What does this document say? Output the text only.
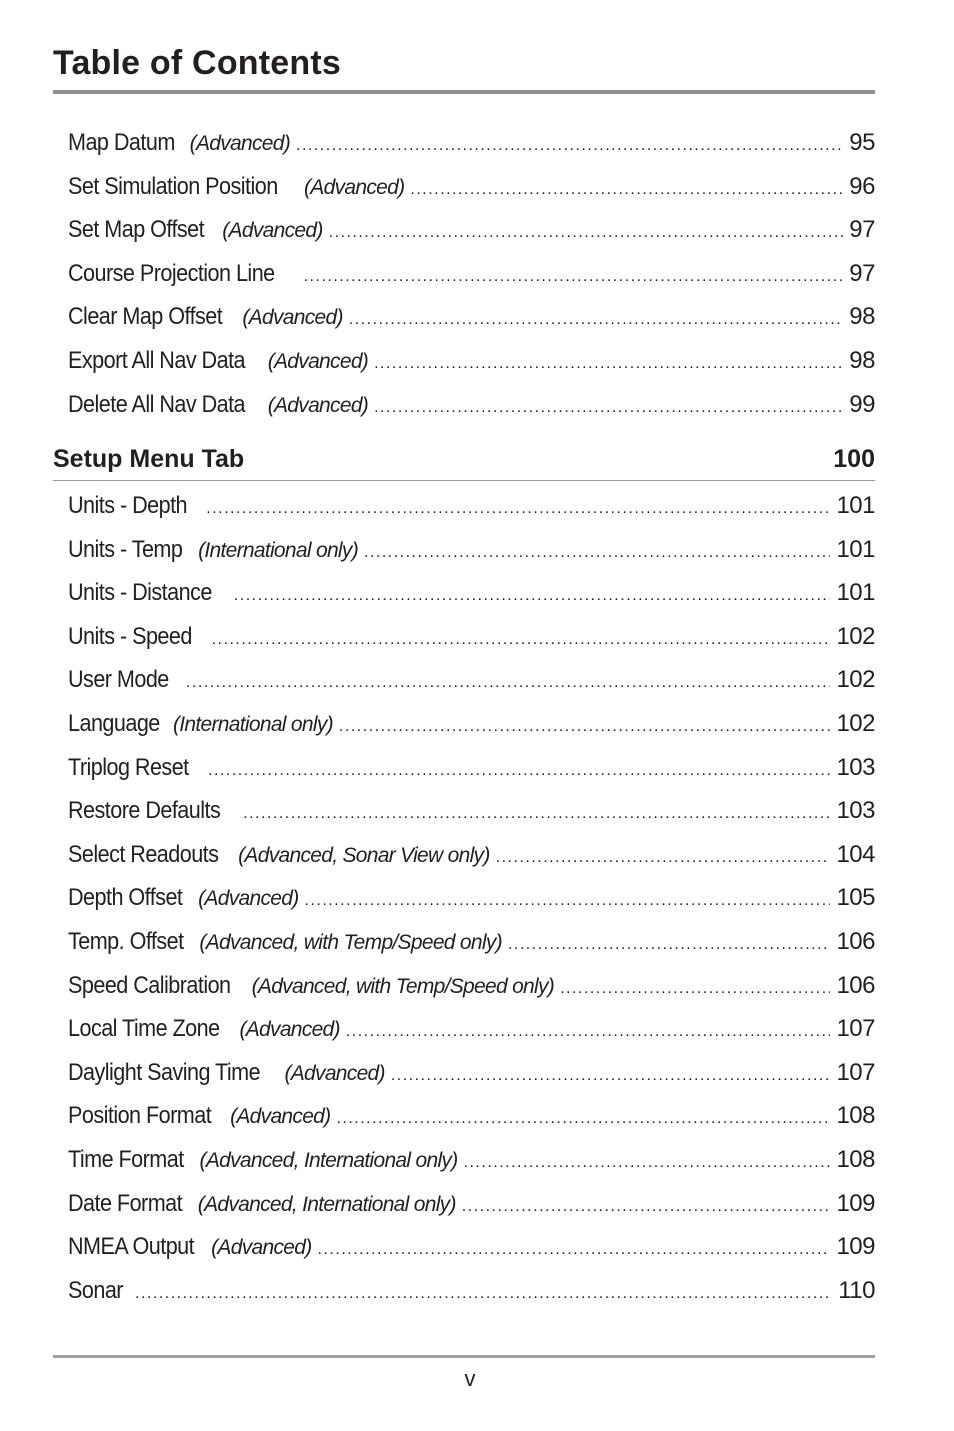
Table of Contents
Map Datum (Advanced) .....	95
Set Simulation Position (Advanced) .....	96
Set Map Offset (Advanced) .....	97
Course Projection Line .....	97
Clear Map Offset (Advanced) .....	98
Export All Nav Data (Advanced) .....	98
Delete All Nav Data (Advanced) .....	99
Setup Menu Tab	100
Units - Depth .....	101
Units - Temp (International only) .....	101
Units - Distance .....	101
Units - Speed .....	102
User Mode .....	102
Language (International only) .....	102
Triplog Reset .....	103
Restore Defaults .....	103
Select Readouts (Advanced, Sonar View only) .....	104
Depth Offset (Advanced) .....	105
Temp. Offset (Advanced, with Temp/Speed only) .....	106
Speed Calibration (Advanced, with Temp/Speed only) .....	106
Local Time Zone (Advanced) .....	107
Daylight Saving Time (Advanced) .....	107
Position Format (Advanced) .....	108
Time Format (Advanced, International only) .....	108
Date Format (Advanced, International only) .....	109
NMEA Output (Advanced) .....	109
Sonar .....	110
v
